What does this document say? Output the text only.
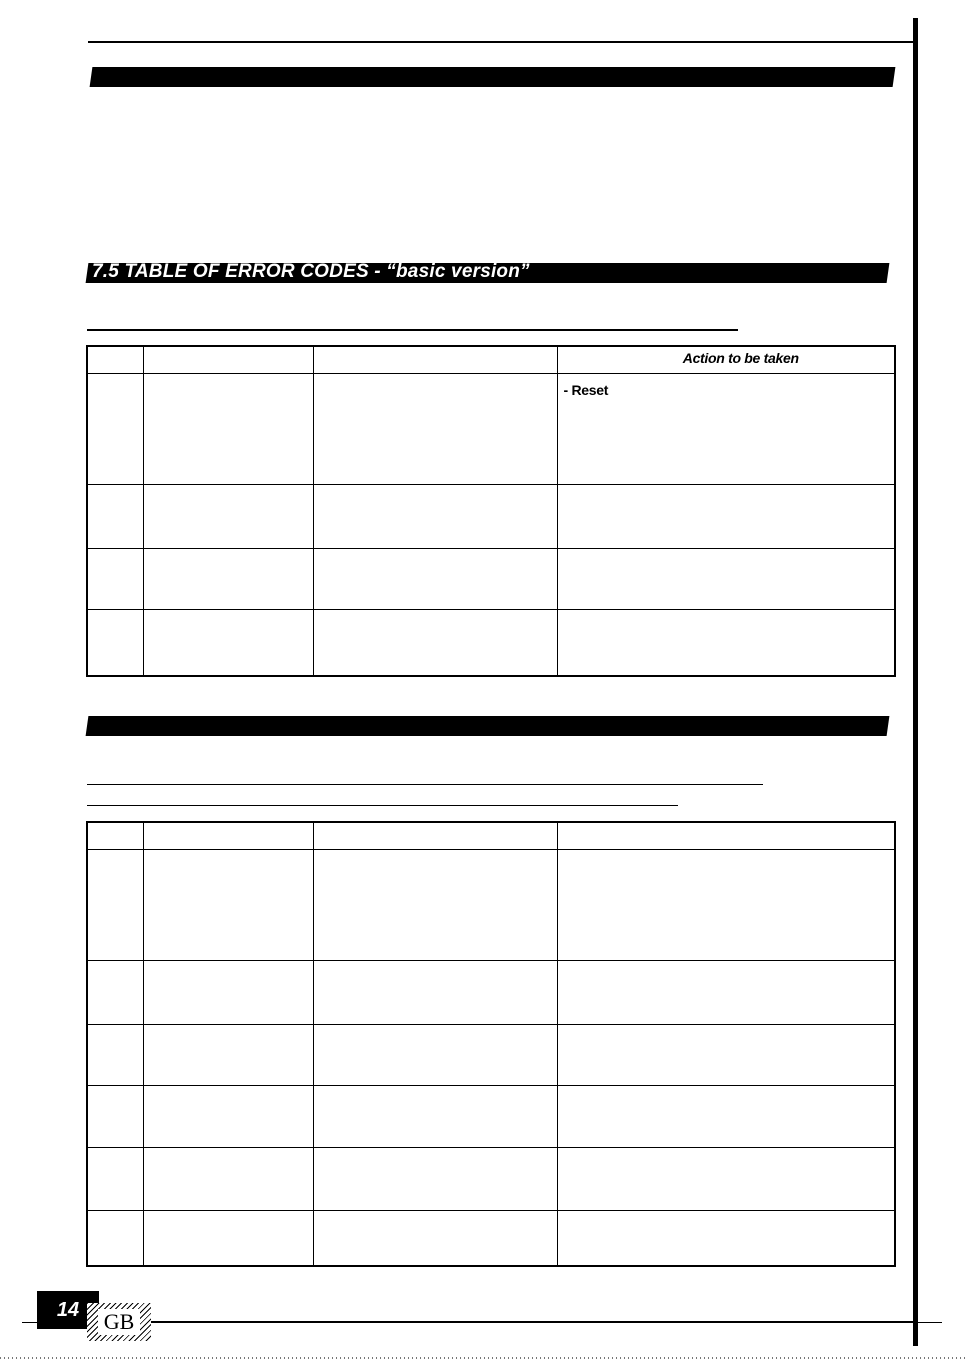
7.5 TABLE OF ERROR CODES - “basic version”

			Action to be taken

			- Reset

14	GB
